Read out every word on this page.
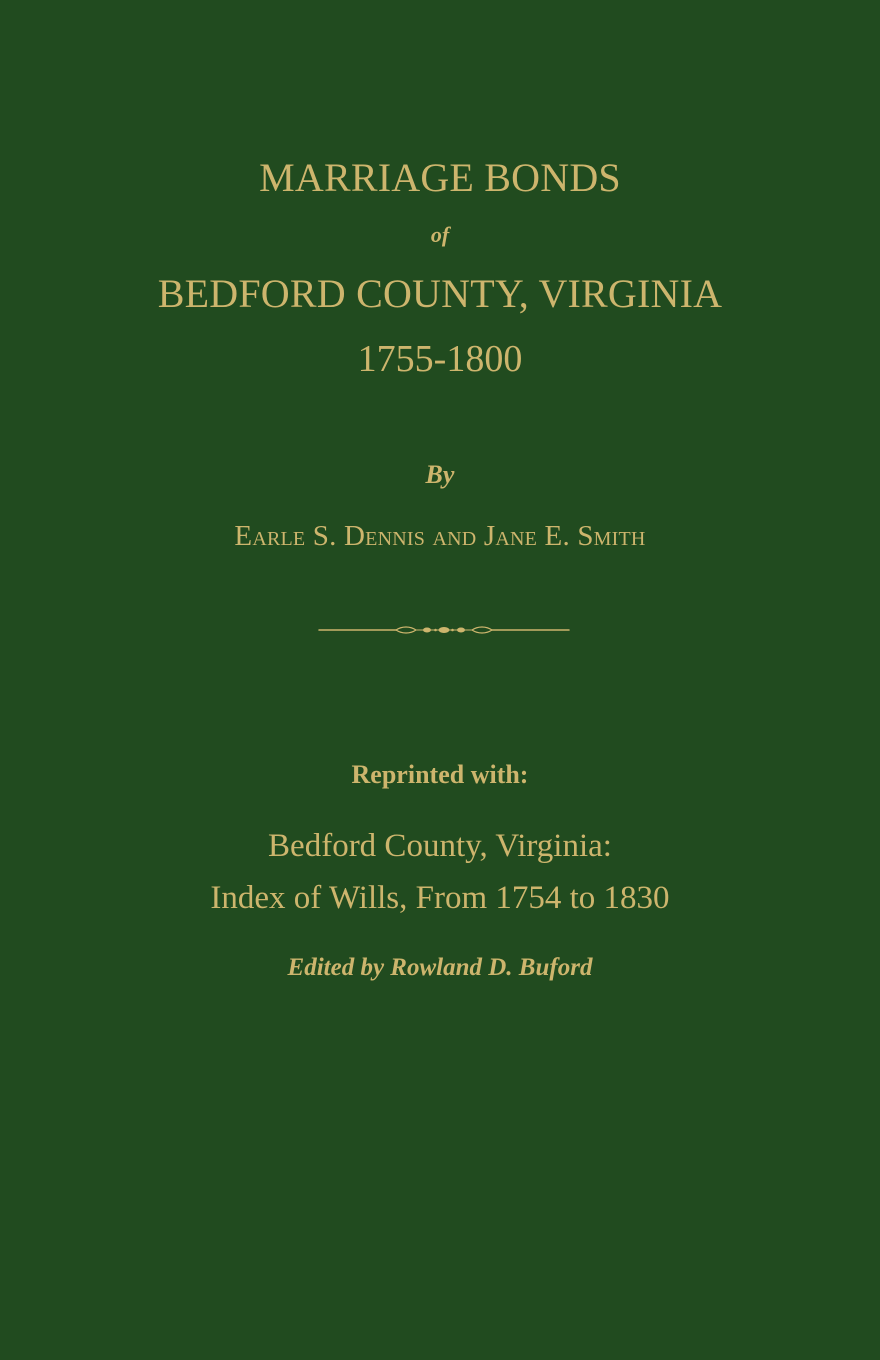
MARRIAGE BONDS
of
BEDFORD COUNTY, VIRGINIA
1755-1800
By
Earle S. Dennis and Jane E. Smith
Reprinted with:
Bedford County, Virginia:
Index of Wills, From 1754 to 1830
Edited by Rowland D. Buford
